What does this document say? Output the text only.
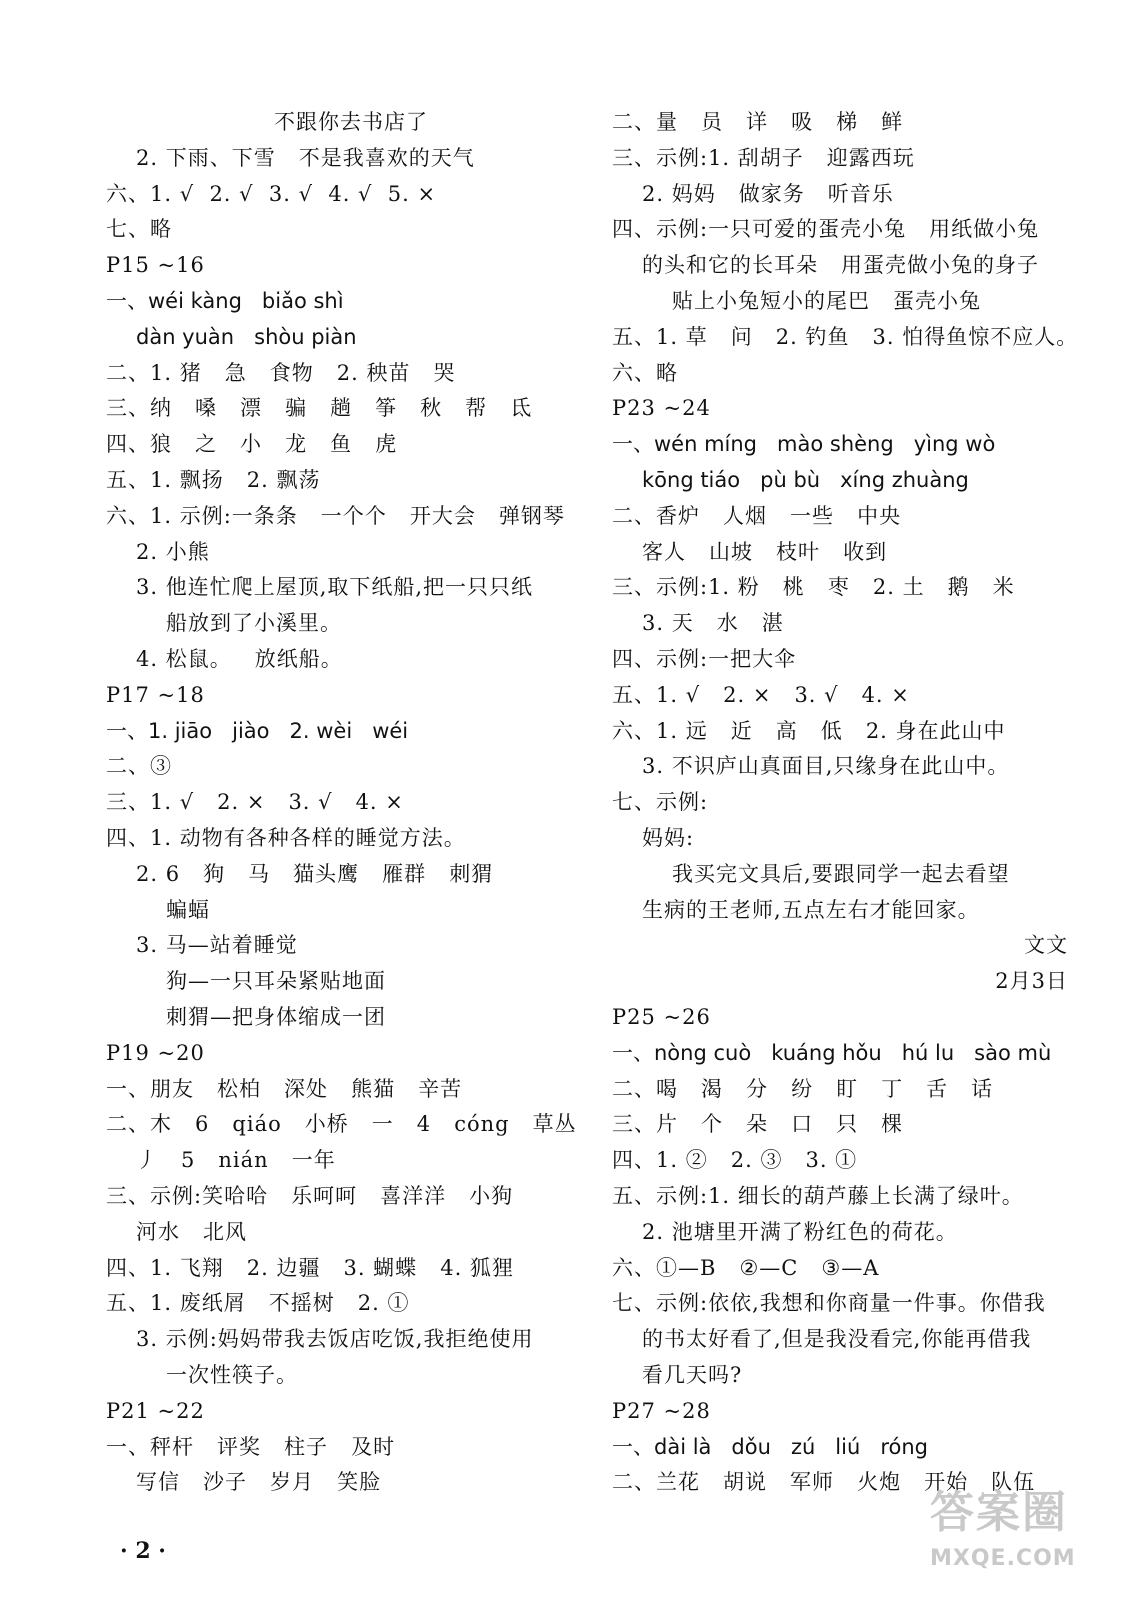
不跟你去书店了
2. 下雨、下雪   不是我喜欢的天气
六、1. √  2. √  3. √  4. √  5. ×
七、略
P15 ~16
一、wéi kàng   biǎo shì
dàn yuàn   shòu piàn
二、1. 猪   急   食物   2. 秧苗   哭
三、纳   嗓   漂   骗   趟   筝   秋   帮   氐
四、狼   之   小   龙   鱼   虎
五、1. 飘扬   2. 飘荡
六、1. 示例:一条条   一个个   开大会   弹钢琴
2. 小熊
3. 他连忙爬上屋顶,取下纸船,把一只只纸
船放到了小溪里。
4. 松鼠。   放纸船。
P17 ~18
一、1. jiāo   jiào   2. wèi   wéi
二、③
三、1. √   2. ×   3. √   4. ×
四、1. 动物有各种各样的睡觉方法。
2. 6   狗   马   猫头鹰   雁群   刺猬
蝙蝠
3. 马—站着睡觉
狗—一只耳朵紧贴地面
刺猬—把身体缩成一团
P19 ~20
一、朋友   松柏   深处   熊猫   辛苦
二、木   6   qiáo   小桥   一   4   cóng   草丛
丿   5   nián   一年
三、示例:笑哈哈   乐呵呵   喜洋洋   小狗
河水   北风
四、1. 飞翔   2. 边疆   3. 蝴蝶   4. 狐狸
五、1. 废纸屑   不摇树   2. ①
3. 示例:妈妈带我去饭店吃饭,我拒绝使用
一次性筷子。
P21 ~22
一、秤杆   评奖   柱子   及时
写信   沙子   岁月   笑脸
二、量   员   详   吸   梯   鲜
三、示例:1. 刮胡子   迎露西玩
2. 妈妈   做家务   听音乐
四、示例:一只可爱的蛋壳小兔   用纸做小兔
的头和它的长耳朵   用蛋壳做小兔的身子
贴上小兔短小的尾巴   蛋壳小兔
五、1. 草   问   2. 钓鱼   3. 怕得鱼惊不应人。
六、略
P23 ~24
一、wén míng   mào shèng   yìng wò
kōng tiáo   pù bù   xíng zhuàng
二、香炉   人烟   一些   中央
客人   山坡   枝叶   收到
三、示例:1. 粉   桃   枣   2. 土   鹅   米
3. 天   水   湛
四、示例:一把大伞
五、1. √   2. ×   3. √   4. ×
六、1. 远   近   高   低   2. 身在此山中
3. 不识庐山真面目,只缘身在此山中。
七、示例:
妈妈:
我买完文具后,要跟同学一起去看望
生病的王老师,五点左右才能回家。
文文
2月3日
P25 ~26
一、nòng cuò   kuáng hǒu   hú lu   sào mù
二、喝   渴   分   纷   盯   丁   舌   话
三、片   个   朵   口   只   棵
四、1. ②   2. ③   3. ①
五、示例:1. 细长的葫芦藤上长满了绿叶。
2. 池塘里开满了粉红色的荷花。
六、①—B   ②—C   ③—A
七、示例:依依,我想和你商量一件事。你借我
的书太好看了,但是我没看完,你能再借我
看几天吗?
P27 ~28
一、dài là   dǒu   zú   liú   róng
二、兰花   胡说   军师   火炮   开始   队伍
· 2 ·
答案圈
MXQE.COM
